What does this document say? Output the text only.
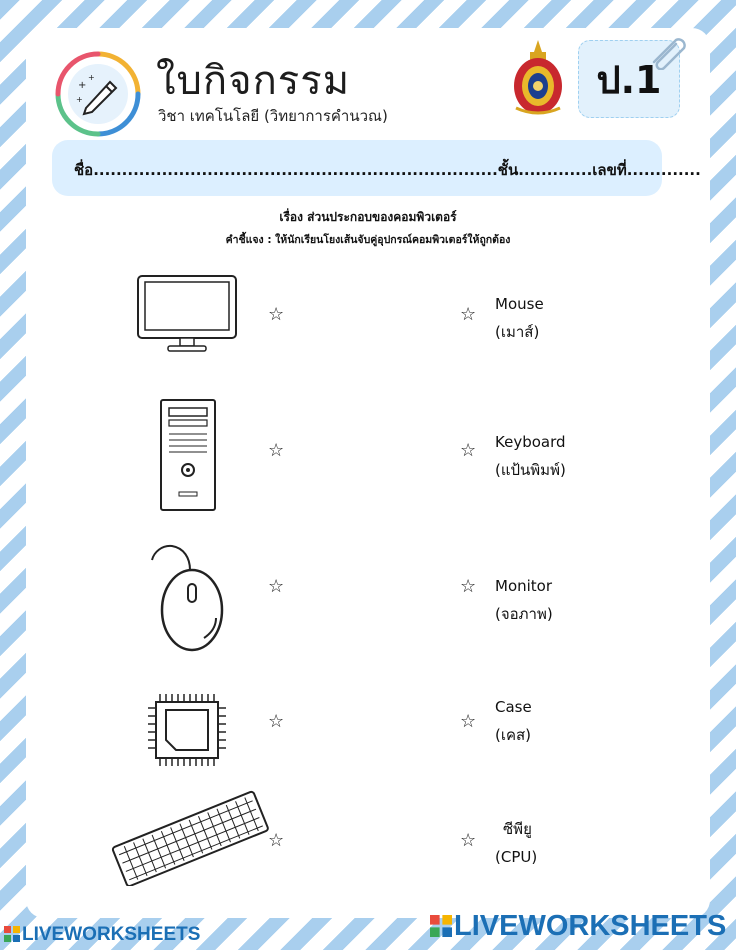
+
+
+ ใบกิจกรรม
วิชา เทคโนโลยี (วิทยาการคำนวณ)
ป.1
ชื่อ.......................................................................ชั้น.............เลขที่.............
เรื่อง ส่วนประกอบของคอมพิวเตอร์
คำชี้แจง : ให้นักเรียนโยงเส้นจับคู่อุปกรณ์คอมพิวเตอร์ให้ถูกต้อง
☆
☆
☆
☆
☆
☆
☆
☆
☆
☆
Mouse
(เมาส์)
Keyboard
(แป้นพิมพ์)
Monitor
(จอภาพ)
Case
(เคส)
ซีพียู
(CPU)
LIVEWORKSHEETS	LIVEWORKSHEETS
